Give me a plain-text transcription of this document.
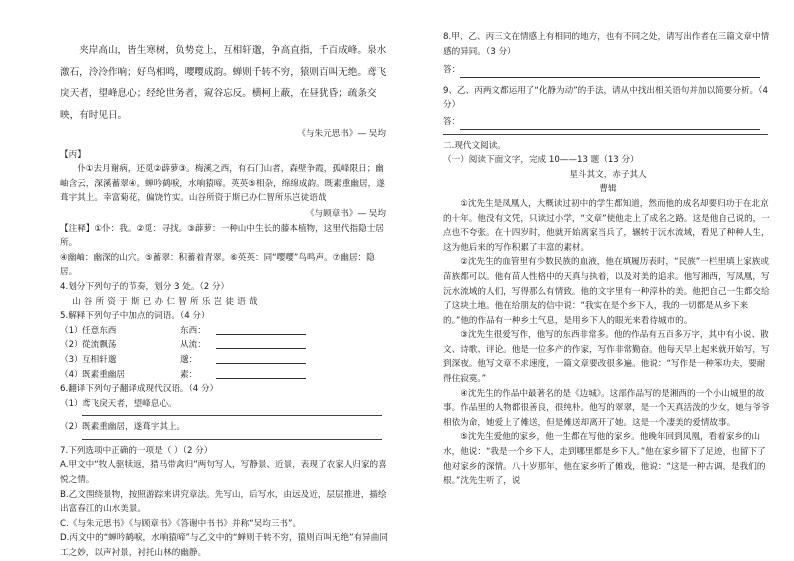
夹岸高山，皆生寒树，负势竞上，互相轩邈，争高直指，千百成峰。泉水激石，泠泠作响；好鸟相鸣，嘤嘤成韵。蝉则千转不穷，猿则百叫无绝。鸢飞戾天者，望峰息心；经纶世务者，窥谷忘反。横柯上蔽，在昼犹昏；疏条交映，有时见日。

《与朱元思书》— 吴均

【丙】

仆①去月谢病，还觅②薜萝③。梅溪之西，有石门山者，森壁争霞，孤峰限日；幽岫含云，深溪蓄翠④。蝉吟鹤唳，水响猿啼。英英⑤相杂，绵绵成韵。既素重幽居，遂葺宇其上。幸富菊花，偏饶竹实。山谷所资于斯已办仁智所乐岂徒语哉

《与顾章书》— 吴均

【注释】①仆：我。②觅：寻找。③薜萝：一种山中生长的藤本植物，这里代指隐士居所。

④幽岫：幽深的山穴。⑤蓄翠：积蓄着青翠。⑥英英：同“嘤嘤”鸟鸣声。⑦幽居：隐居。

4.划分下列句子的节奏，划分 3 处。（2 分）

山谷所资于斯已办仁智所乐岂徒语哉

5.解释下列句子中加点的词语。（4 分）

（1） 任意东西	东西：
（2） 從流飘荡	从流：
（3） 互相轩邈	邈：
（4） 既素重幽居	素：

6.翻译下列句子翻译成现代汉语。（4 分）

（1） 鸢飞戾天者，望峰息心。
（2） 既素重幽居，遂葺宇其上。

7.下列选项中正确的一项是（ ）（2 分）

A.甲文中“牧人驱犊返，猎马带禽归”两句写人，写静景、近景，表现了农家人归家的喜悦之情。

B.乙文围绕景物，按照游踪来讲究章法。先写山，后写水，由远及近，层层推进，描绘出富春江的山水美景。

C.《与朱元思书》《与顾章书》《答谢中书书》并称“吴均三书”。

D.丙文中的“蝉吟鹤唳，水响猿啼”与乙文中的“蝉则千转不穷，猿则百叫无绝”有异曲同工之妙，以声衬景，衬托山林的幽静。

8.甲、乙、丙三文在情感上有相同的地方，也有不同之处，请写出作者在三篇文章中情感的异同。（3 分）

答：

9、乙、丙两文都运用了“化静为动”的手法，请从中找出相关语句并加以简要分析。（4 分）

答：

二.现代文阅读。

（一）阅读下面文字，完成 10——13 题（13 分）

星斗其文，赤子其人

曹辑

①沈先生是凤凰人，大概读过初中的学生都知道，然而他的成名却要归功于在北京的十年。他没有文凭，只读过小学，“文章”使他走上了成名之路。这是他自己说的，一点也不夸张。在十四岁时，他就开始离家当兵了，辗转于沅水流域，看见了种种人生，这为他后来的写作积累了丰富的素材。

②沈先生的血管里有少数民族的血液，他在填履历表时，“民族”一栏里填上家族或苗族都可以。他有苗人性格中的天真与执着，以及对美的追求。他写湘西，写凤凰，写沅水流域的人们，写得那么有情致。他的文字里有一种淳朴的美。他把自己一生都交给了这块土地。他在给朋友的信中说：“我实在是个乡下人，我的一切都是从乡下来的。”他的作品有一种乡土气息，是用乡下人的眼光来看待城市的。

③沈先生很爱写作，他写的东西非常多。他的作品有五百多万字，其中有小说、散文、诗歌、评论。他是一位多产的作家，写作非常勤奋。他每天早上起来就开始写，写到深夜。他写文章不求速度，一篇文章要改很多遍。他说：“写作是一种笨功夫，要耐得住寂寞。”

④沈先生的作品中最著名的是《边城》。这部作品写的是湘西的一个小山城里的故事。作品里的人物都很善良，很纯朴。他写的翠翠，是一个天真活泼的少女，她与爷爷相依为命，她爱上了傩送，但是傩送却离开了她。这是一个凄美的爱情故事。

⑤沈先生爱他的家乡，他一生都在写他的家乡。他晚年回到凤凰，看着家乡的山水，他说：“我是一个乡下人，走到哪里都是乡下人。”他在家乡留下了足迹，也留下了他对家乡的深情。八十岁那年，他在家乡听了傩戏，他说：“这是一种古调，是我们的根。”沈先生听了，说
